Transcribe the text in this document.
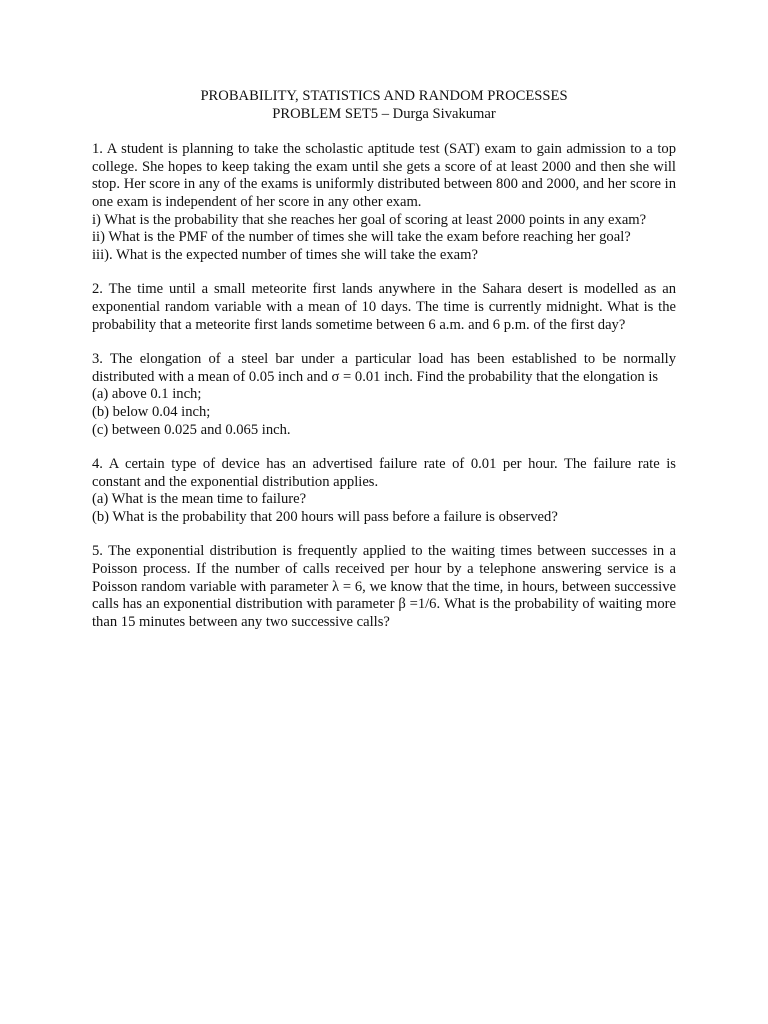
PROBABILITY, STATISTICS AND RANDOM PROCESSES
PROBLEM SET5 – Durga Sivakumar

1. A student is planning to take the scholastic aptitude test (SAT) exam to gain admission to a top college. She hopes to keep taking the exam until she gets a score of at least 2000 and then she will stop. Her score in any of the exams is uniformly distributed between 800 and 2000, and her score in one exam is independent of her score in any other exam.

i) What is the probability that she reaches her goal of scoring at least 2000 points in any exam?

ii) What is the PMF of the number of times she will take the exam before reaching her goal?

iii). What is the expected number of times she will take the exam?

2. The time until a small meteorite first lands anywhere in the Sahara desert is modelled as an exponential random variable with a mean of 10 days. The time is currently midnight. What is the probability that a meteorite first lands sometime between 6 a.m. and 6 p.m. of the first day?

3. The elongation of a steel bar under a particular load has been established to be normally distributed with a mean of 0.05 inch and σ = 0.01 inch. Find the probability that the elongation is

(a) above 0.1 inch;

(b) below 0.04 inch;

(c) between 0.025 and 0.065 inch.

4. A certain type of device has an advertised failure rate of 0.01 per hour. The failure rate is constant and the exponential distribution applies.

(a) What is the mean time to failure?

(b) What is the probability that 200 hours will pass before a failure is observed?

5. The exponential distribution is frequently applied to the waiting times between successes in a Poisson process. If the number of calls received per hour by a telephone answering service is a Poisson random variable with parameter λ = 6, we know that the time, in hours, between successive calls has an exponential distribution with parameter β =1/6. What is the probability of waiting more than 15 minutes between any two successive calls?
